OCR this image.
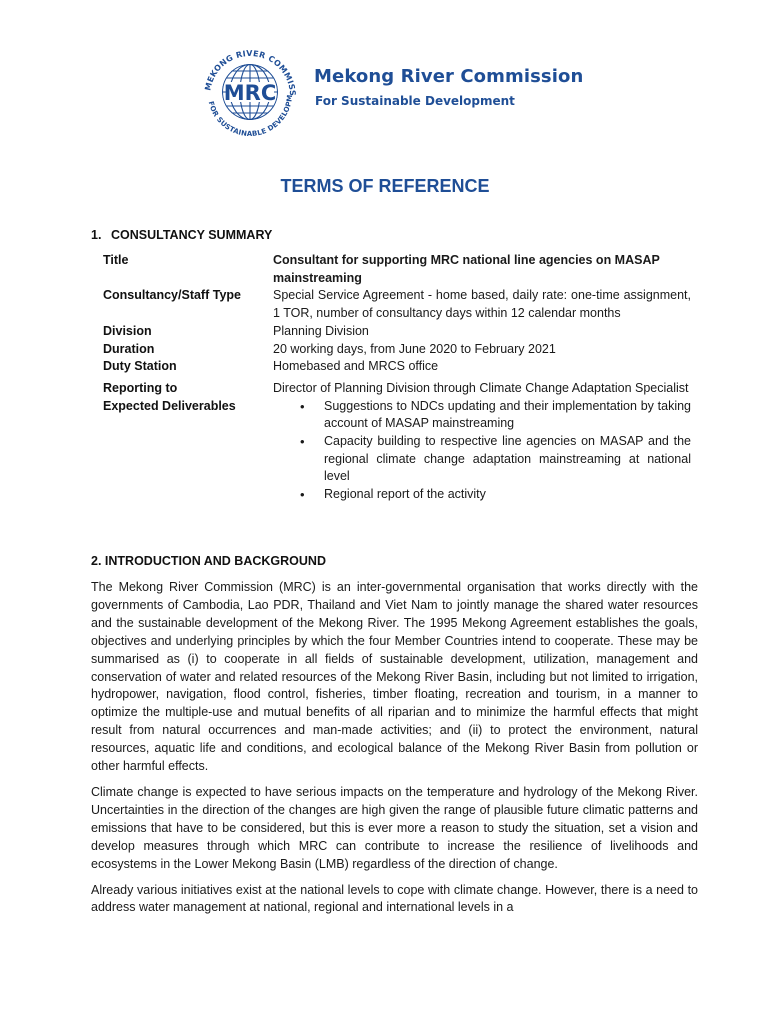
MEKONG RIVER COMMISS
FOR SUSTAINABLE DEVELOPM
MRC
Mekong River Commission

For Sustainable Development

TERMS OF REFERENCE
1. CONSULTANCY SUMMARY
Title	Consultant for supporting MRC national line agencies on MASAP mainstreaming
Consultancy/Staff Type	Special Service Agreement - home based, daily rate: one-time assignment, 1 TOR, number of consultancy days within 12 calendar months
Division	Planning Division
Duration	20 working days, from June 2020 to February 2021
Duty Station	Homebased and MRCS office
Reporting to	Director of Planning Division through Climate Change Adaptation Specialist
Expected Deliverables
•	Suggestions to NDCs updating and their implementation by taking account of MASAP mainstreaming
• Capacity building to respective line agencies on MASAP and the regional climate change adaptation mainstreaming at national level
• Regional report of the activity
2. INTRODUCTION AND BACKGROUND

The Mekong River Commission (MRC) is an inter-governmental organisation that works directly with the governments of Cambodia, Lao PDR, Thailand and Viet Nam to jointly manage the shared water resources and the sustainable development of the Mekong River. The 1995 Mekong Agreement establishes the goals, objectives and underlying principles by which the four Member Countries intend to cooperate. These may be summarised as (i) to cooperate in all fields of sustainable development, utilization, management and conservation of water and related resources of the Mekong River Basin, including but not limited to irrigation, hydropower, navigation, flood control, fisheries, timber floating, recreation and tourism, in a manner to optimize the multiple-use and mutual benefits of all riparian and to minimize the harmful effects that might result from natural occurrences and man-made activities; and (ii) to protect the environment, natural resources, aquatic life and conditions, and ecological balance of the Mekong River Basin from pollution or other harmful effects.

Climate change is expected to have serious impacts on the temperature and hydrology of the Mekong River. Uncertainties in the direction of the changes are high given the range of plausible future climatic patterns and emissions that have to be considered, but this is ever more a reason to study the situation, set a vision and develop measures through which MRC can contribute to increase the resilience of livelihoods and ecosystems in the Lower Mekong Basin (LMB) regardless of the direction of change.

Already various initiatives exist at the national levels to cope with climate change. However, there is a need to address water management at national, regional and international levels in a
